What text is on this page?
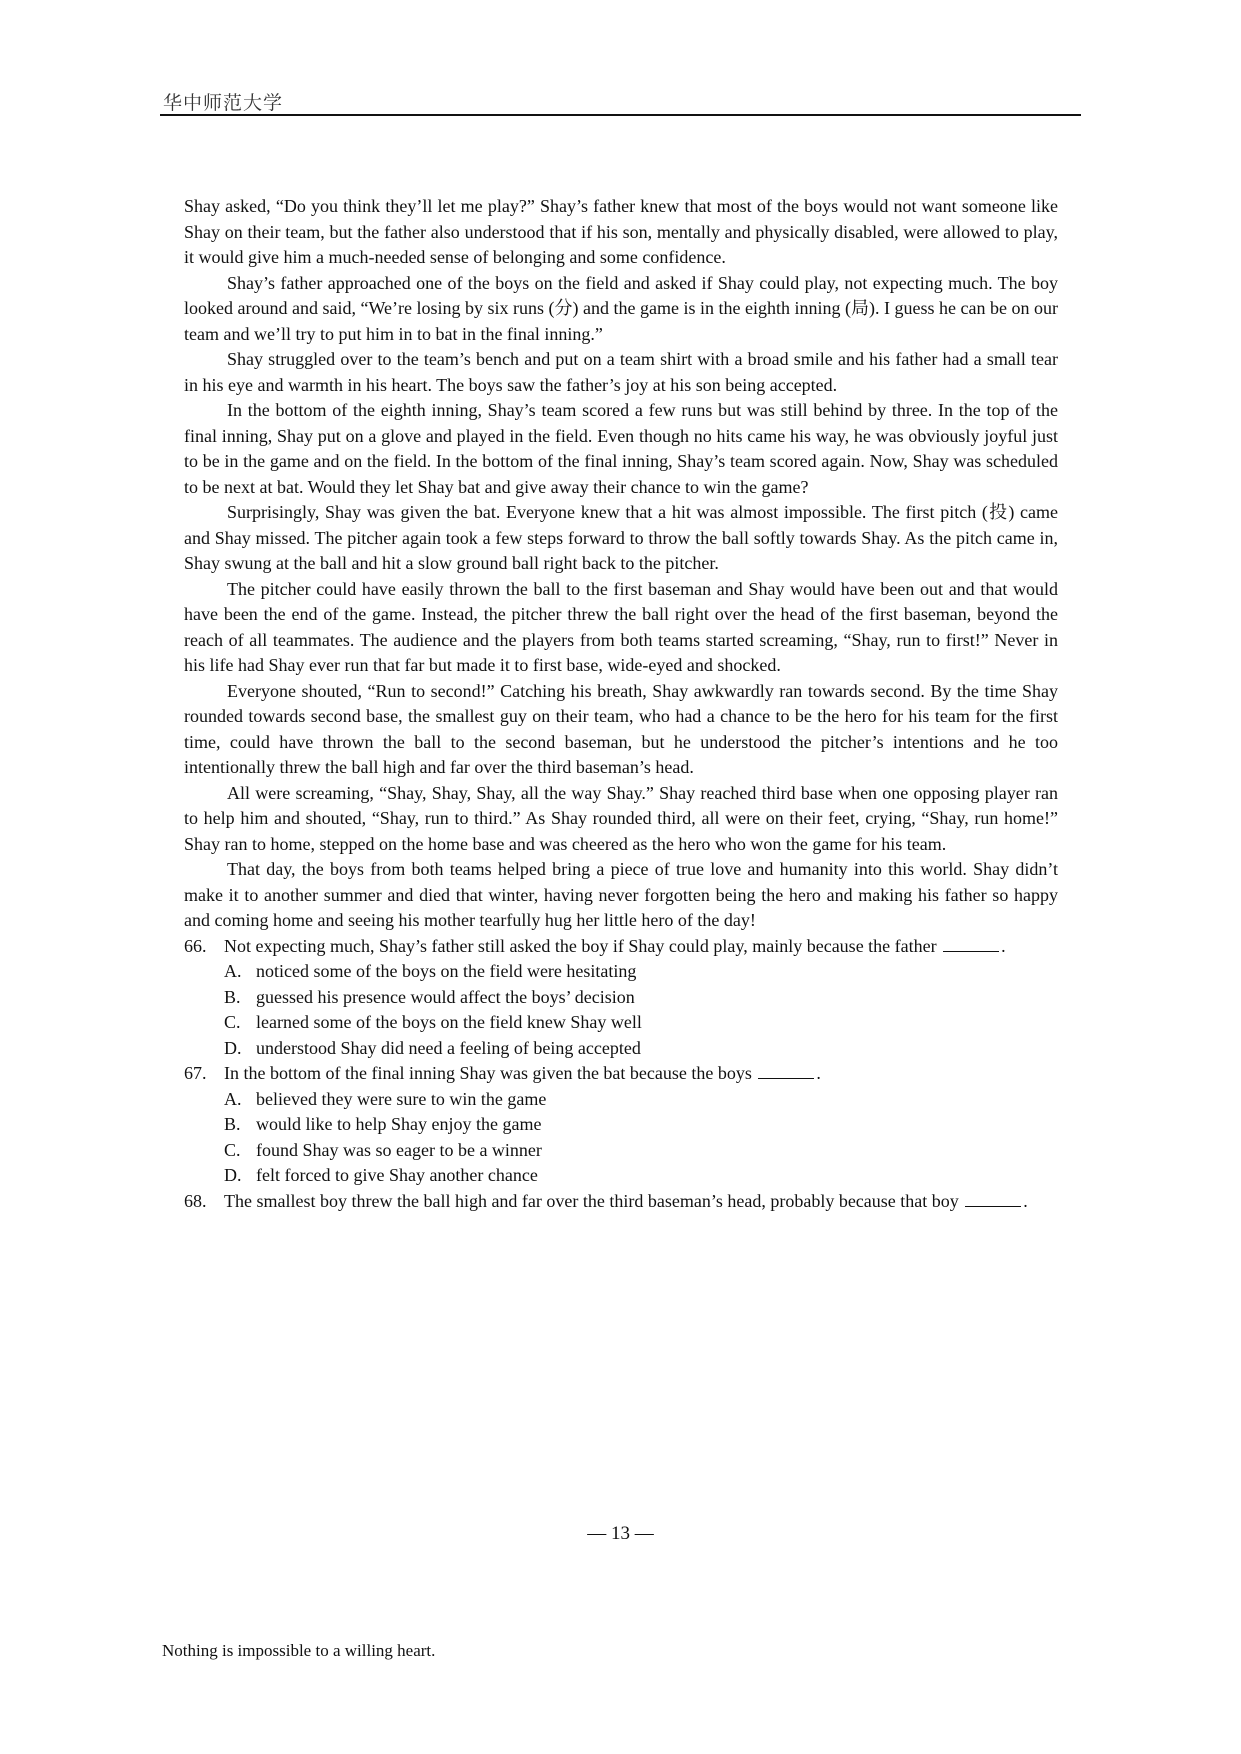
华中师范大学

Shay asked, “Do you think they’ll let me play?” Shay’s father knew that most of the boys would not want someone like Shay on their team, but the father also understood that if his son, mentally and physically disabled, were allowed to play, it would give him a much-needed sense of belonging and some confidence.

Shay’s father approached one of the boys on the field and asked if Shay could play, not expecting much. The boy looked around and said, “We’re losing by six runs (分) and the game is in the eighth inning (局). I guess he can be on our team and we’ll try to put him in to bat in the final inning.”

Shay struggled over to the team’s bench and put on a team shirt with a broad smile and his father had a small tear in his eye and warmth in his heart. The boys saw the father’s joy at his son being accepted.

In the bottom of the eighth inning, Shay’s team scored a few runs but was still behind by three. In the top of the final inning, Shay put on a glove and played in the field. Even though no hits came his way, he was obviously joyful just to be in the game and on the field. In the bottom of the final inning, Shay’s team scored again. Now, Shay was scheduled to be next at bat. Would they let Shay bat and give away their chance to win the game?

Surprisingly, Shay was given the bat. Everyone knew that a hit was almost impossible. The first pitch (投) came and Shay missed. The pitcher again took a few steps forward to throw the ball softly towards Shay. As the pitch came in, Shay swung at the ball and hit a slow ground ball right back to the pitcher.

The pitcher could have easily thrown the ball to the first baseman and Shay would have been out and that would have been the end of the game. Instead, the pitcher threw the ball right over the head of the first baseman, beyond the reach of all teammates. The audience and the players from both teams started screaming, “Shay, run to first!” Never in his life had Shay ever run that far but made it to first base, wide-eyed and shocked.

Everyone shouted, “Run to second!” Catching his breath, Shay awkwardly ran towards second. By the time Shay rounded towards second base, the smallest guy on their team, who had a chance to be the hero for his team for the first time, could have thrown the ball to the second baseman, but he understood the pitcher’s intentions and he too intentionally threw the ball high and far over the third baseman’s head.

All were screaming, “Shay, Shay, Shay, all the way Shay.” Shay reached third base when one opposing player ran to help him and shouted, “Shay, run to third.” As Shay rounded third, all were on their feet, crying, “Shay, run home!” Shay ran to home, stepped on the home base and was cheered as the hero who won the game for his team.

That day, the boys from both teams helped bring a piece of true love and humanity into this world. Shay didn’t make it to another summer and died that winter, having never forgotten being the hero and making his father so happy and coming home and seeing his mother tearfully hug her little hero of the day!

66. Not expecting much, Shay’s father still asked the boy if Shay could play, mainly because the father	.
A. noticed some of the boys on the field were hesitating
B. guessed his presence would affect the boys’ decision
C. learned some of the boys on the field knew Shay well
D. understood Shay did need a feeling of being accepted
67. In the bottom of the final inning Shay was given the bat because the boys	.
A. believed they were sure to win the game
B. would like to help Shay enjoy the game
C. found Shay was so eager to be a winner
D. felt forced to give Shay another chance
68. The smallest boy threw the ball high and far over the third baseman’s head, probably because that boy	.
— 13 —
Nothing is impossible to a willing heart.
